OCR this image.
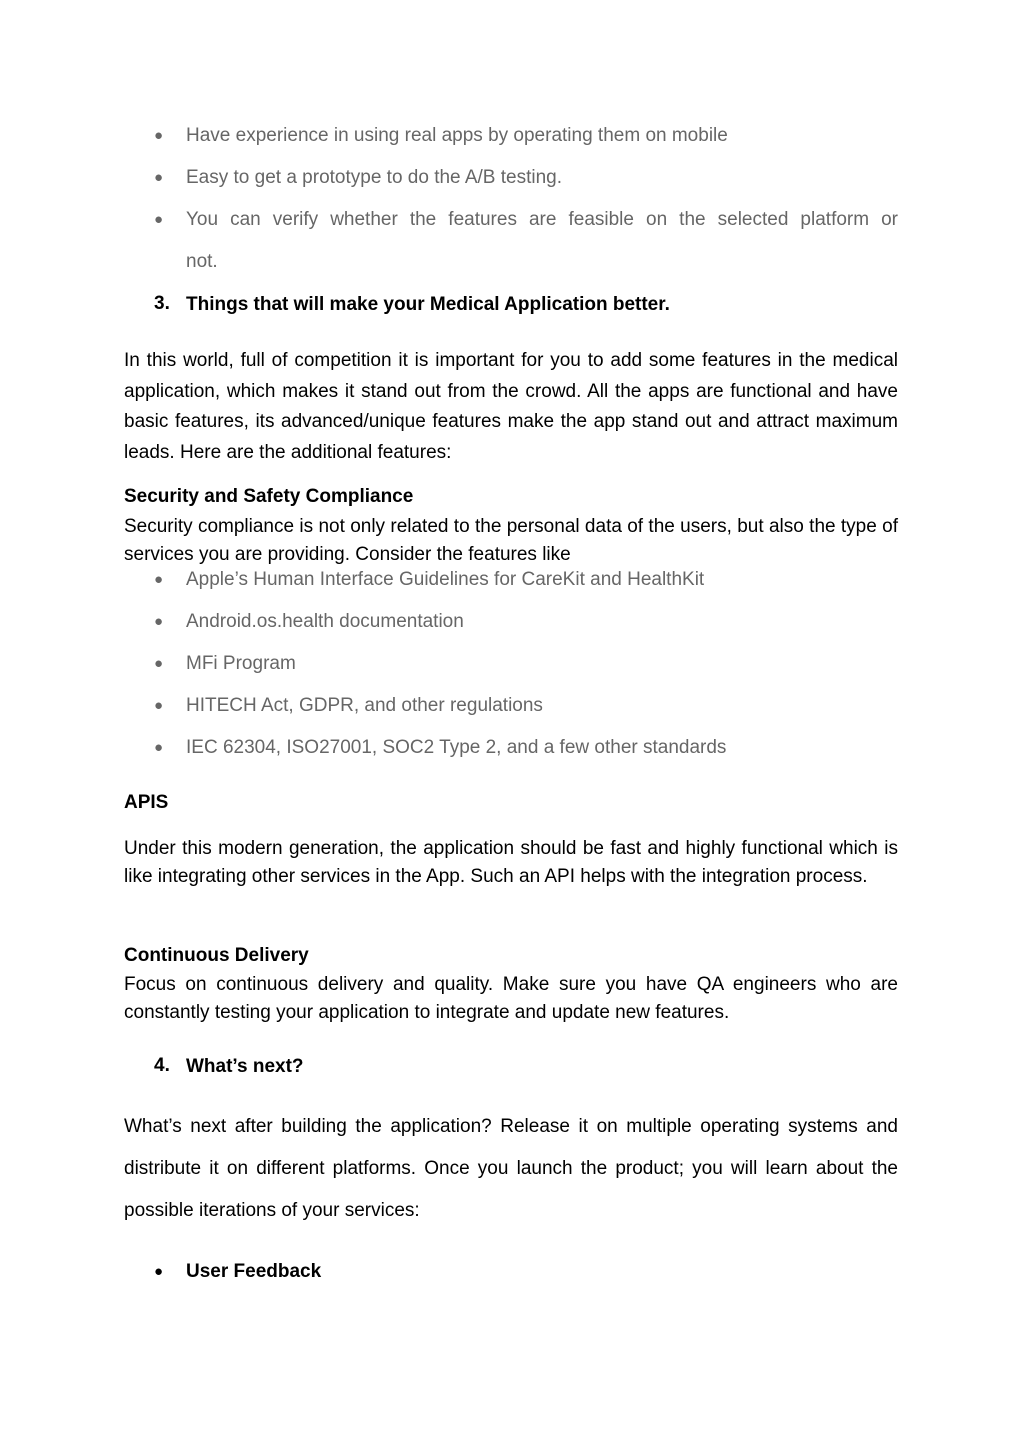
● Have experience in using real apps by operating them on mobile
● Easy to get a prototype to do the A/B testing.
● You can verify whether the features are feasible on the selected platform or
not.
3. Things that will make your Medical Application better.
In this world, full of competition it is important for you to add some features in the medical application, which makes it stand out from the crowd. All the apps are functional and have basic features, its advanced/unique features make the app stand out and attract maximum leads. Here are the additional features:
Security and Safety Compliance
Security compliance is not only related to the personal data of the users, but also the type of services you are providing. Consider the features like
● Apple’s Human Interface Guidelines for CareKit and HealthKit
● Android.os.health documentation
● MFi Program
● HITECH Act, GDPR, and other regulations
● IEC 62304, ISO27001, SOC2 Type 2, and a few other standards
APIS
Under this modern generation, the application should be fast and highly functional which is like integrating other services in the App. Such an API helps with the integration process.
Continuous Delivery
Focus on continuous delivery and quality. Make sure you have QA engineers who are constantly testing your application to integrate and update new features.
4. What’s next?
What’s next after building the application? Release it on multiple operating systems and distribute it on different platforms. Once you launch the product; you will learn about the possible iterations of your services:
● User Feedback
